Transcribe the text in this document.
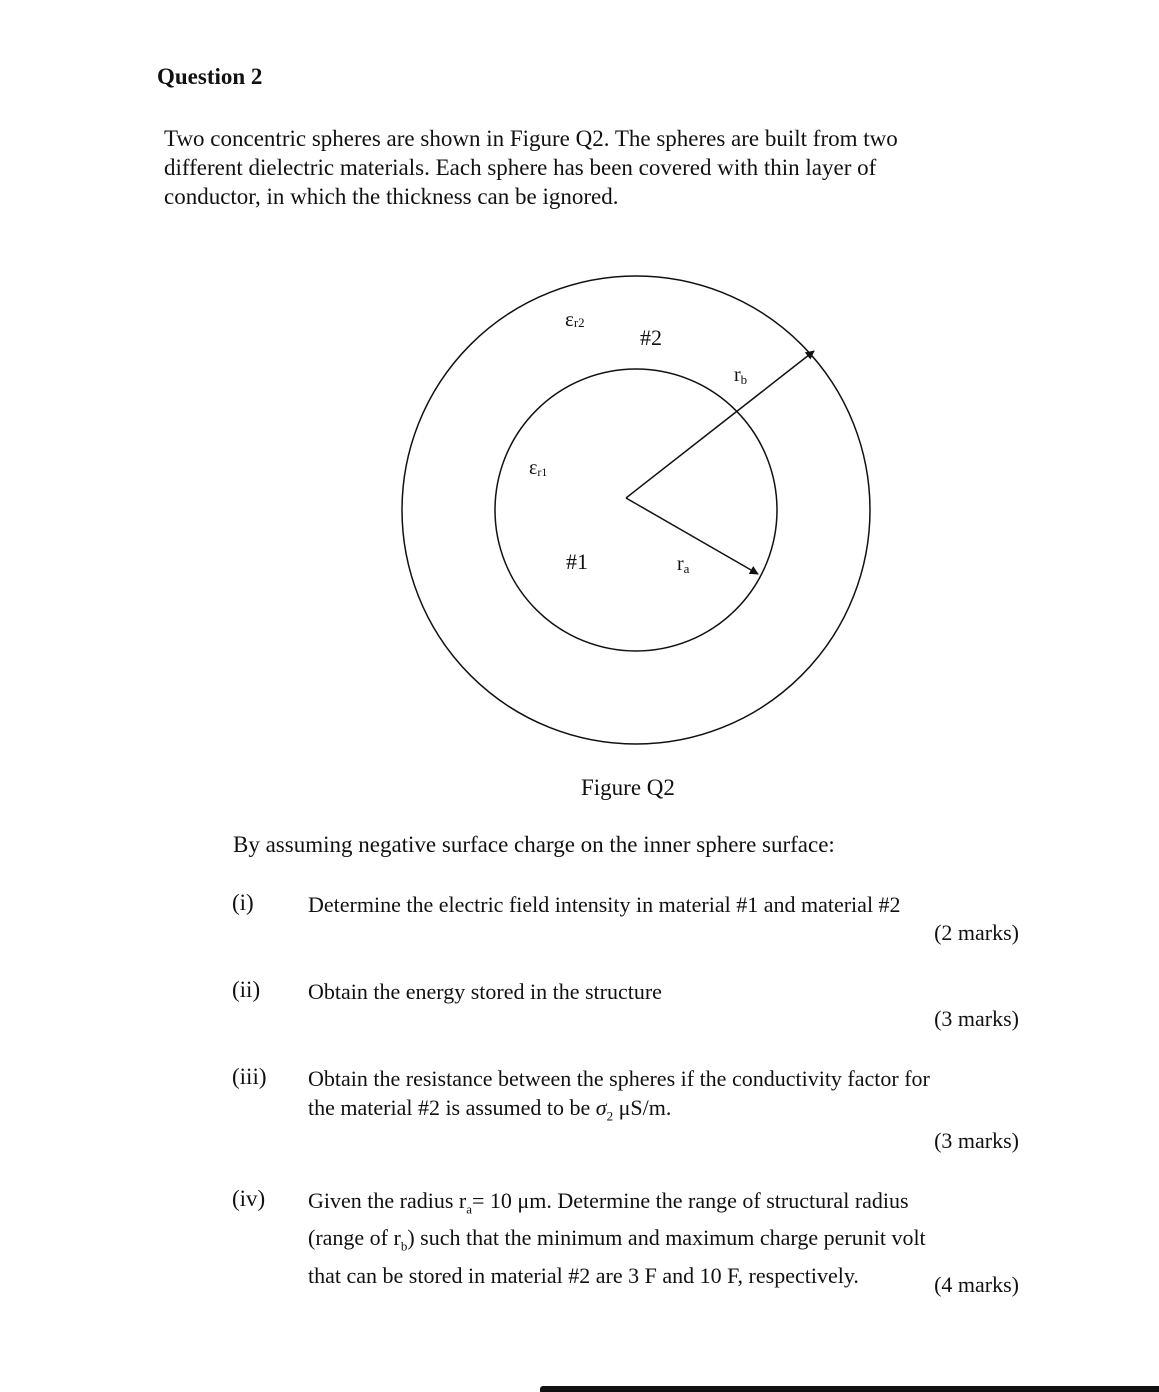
Question 2
Two concentric spheres are shown in Figure Q2. The spheres are built from two
different dielectric materials. Each sphere has been covered with thin layer of
conductor, in which the thickness can be ignored.
εr2
#2
rb
εr1
#1	ra
Figure Q2
By assuming negative surface charge on the inner sphere surface:
(i) Determine the electric field intensity in material #1 and material #2
(2 marks)
(ii) Obtain the energy stored in the structure
(3 marks)
(iii) Obtain the resistance between the spheres if the conductivity factor for
the material #2 is assumed to be $\sigma_2$ μS/m.
(3 marks)
(iv) Given the radius $r_a= 10$ μm. Determine the range of structural radius
(range of $r_b$) such that the minimum and maximum charge perunit volt
that can be stored in material #2 are 3 F and 10 F, respectively.	(4 marks)
